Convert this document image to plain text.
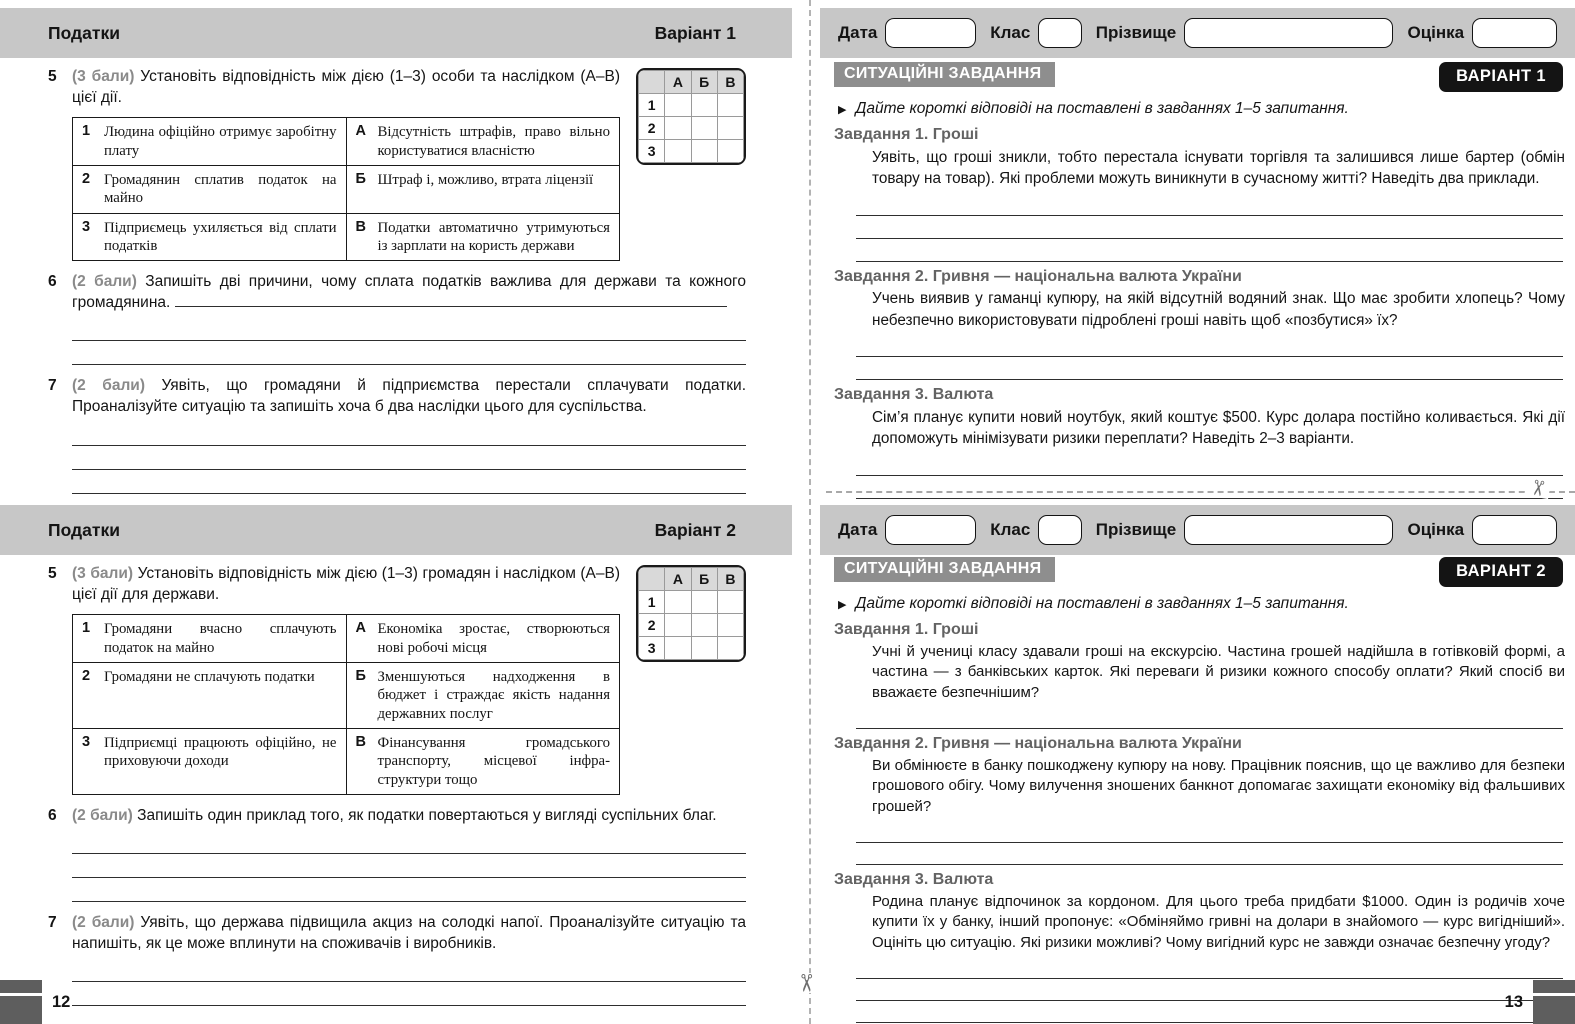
Податки	Варіант 1

5 (3 бали) Установіть відповідність між дією (1–3) особи та наслідком (А–В) цієї дії.

1 Людина офіційно отримує заробітну плату	А Відсутність штрафів, право вільно користуватися власністю

2 Громадянин сплатив податок на майно	Б Штраф і, можливо, втрата ліцензії

3 Підприємець ухиляється від сплати податків	В Податки автоматично утримуються із зарплати на користь держави
	А	Б	В
1			
2			
3			

6 (2 бали) Запишіть дві причини, чому сплата податків важлива для держави та кожного громадянина.

7 (2 бали) Уявіть, що громадяни й підприємства перестали сплачувати податки. Проаналізуйте ситуацію та запишіть хоча б два наслідки цього для суспільства.

Податки	Варіант 2

5 (3 бали) Установіть відповідність між дією (1–3) громадян і наслідком (А–В) цієї дії для держави.

1 Громадяни вчасно сплачують податок на майно	А Економіка зростає, створюються нові робочі місця

2 Громадяни не сплачують податки	Б Зменшуються надходження в бюджет і страждає якість надання державних послуг

3 Підприємці працюють офіційно, не приховуючи доходи	В Фінансування громадського транспорту, місцевої інфраструктури тощо
	А	Б	В
1			
2			
3			

6 (2 бали) Запишіть один приклад того, як податки повертаються у вигляді суспільних благ.

7 (2 бали) Уявіть, що держава підвищила акциз на солодкі напої. Проаналізуйте ситуацію та напишіть, як це може вплинути на споживачів і виробників.

Дата	Клас	Прізвище	Оцінка
СИТУАЦІЙНІ ЗАВДАННЯ	ВАРІАНТ 1
▶ Дайте короткі відповіді на поставлені в завданнях 1–5 запитання.
Завдання 1. Гроші

Уявіть, що гроші зникли, тобто перестала існувати торгівля та залишився лише бартер (обмін товару на товар). Які проблеми можуть виникнути в сучасному житті? Наведіть два приклади.

Завдання 2. Гривня — національна валюта України

Учень виявив у гаманці купюру, на якій відсутній водяний знак. Що має зробити хлопець? Чому небезпечно використовувати підроблені гроші навіть щоб «позбутися» їх?

Завдання 3. Валюта

Сім’я планує купити новий ноутбук, який коштує $500. Курс долара постійно коливається. Які дії допоможуть мінімізувати ризики переплати? Наведіть 2–3 варіанти.

✂
Дата	Клас	Прізвище	Оцінка
СИТУАЦІЙНІ ЗАВДАННЯ	ВАРІАНТ 2
▶ Дайте короткі відповіді на поставлені в завданнях 1–5 запитання.
Завдання 1. Гроші

Учні й учениці класу здавали гроші на екскурсію. Частина грошей надійшла в готівковій формі, а частина — з банківських карток. Які переваги й ризики кожного способу оплати? Який спосіб ви вважаєте безпечнішим?

Завдання 2. Гривня — національна валюта України

Ви обмінюєте в банку пошкоджену купюру на нову. Працівник пояснив, що це важливо для безпеки грошового обігу. Чому вилучення зношених банкнот допомагає захищати економіку від фальшивих грошей?

Завдання 3. Валюта

Родина планує відпочинок за кордоном. Для цього треба придбати $1000. Один із родичів хоче купити їх у банку, інший пропонує: «Обміняймо гривні на долари в знайомого — курс вигідніший». Оцініть цю ситуацію. Які ризики можливі? Чому вигідний курс не завжди означає безпечну угоду?

✂
12	13
